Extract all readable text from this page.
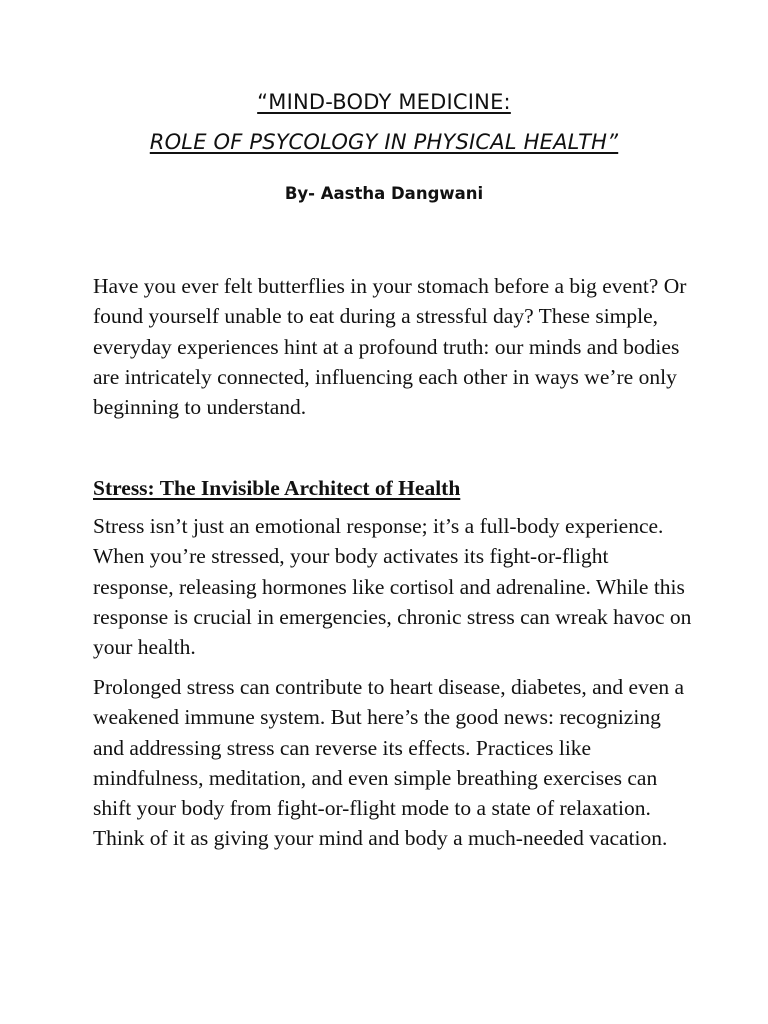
“MIND-BODY MEDICINE:
ROLE OF PSYCOLOGY IN PHYSICAL HEALTH”
By- Aastha Dangwani

Have you ever felt butterflies in your stomach before a big event? Or found yourself unable to eat during a stressful day? These simple, everyday experiences hint at a profound truth: our minds and bodies are intricately connected, influencing each other in ways we’re only beginning to understand.

Stress: The Invisible Architect of Health

Stress isn’t just an emotional response; it’s a full-body experience. When you’re stressed, your body activates its fight-or-flight response, releasing hormones like cortisol and adrenaline. While this response is crucial in emergencies, chronic stress can wreak havoc on your health.

Prolonged stress can contribute to heart disease, diabetes, and even a weakened immune system. But here’s the good news: recognizing and addressing stress can reverse its effects. Practices like mindfulness, meditation, and even simple breathing exercises can shift your body from fight-or-flight mode to a state of relaxation. Think of it as giving your mind and body a much-needed vacation.
